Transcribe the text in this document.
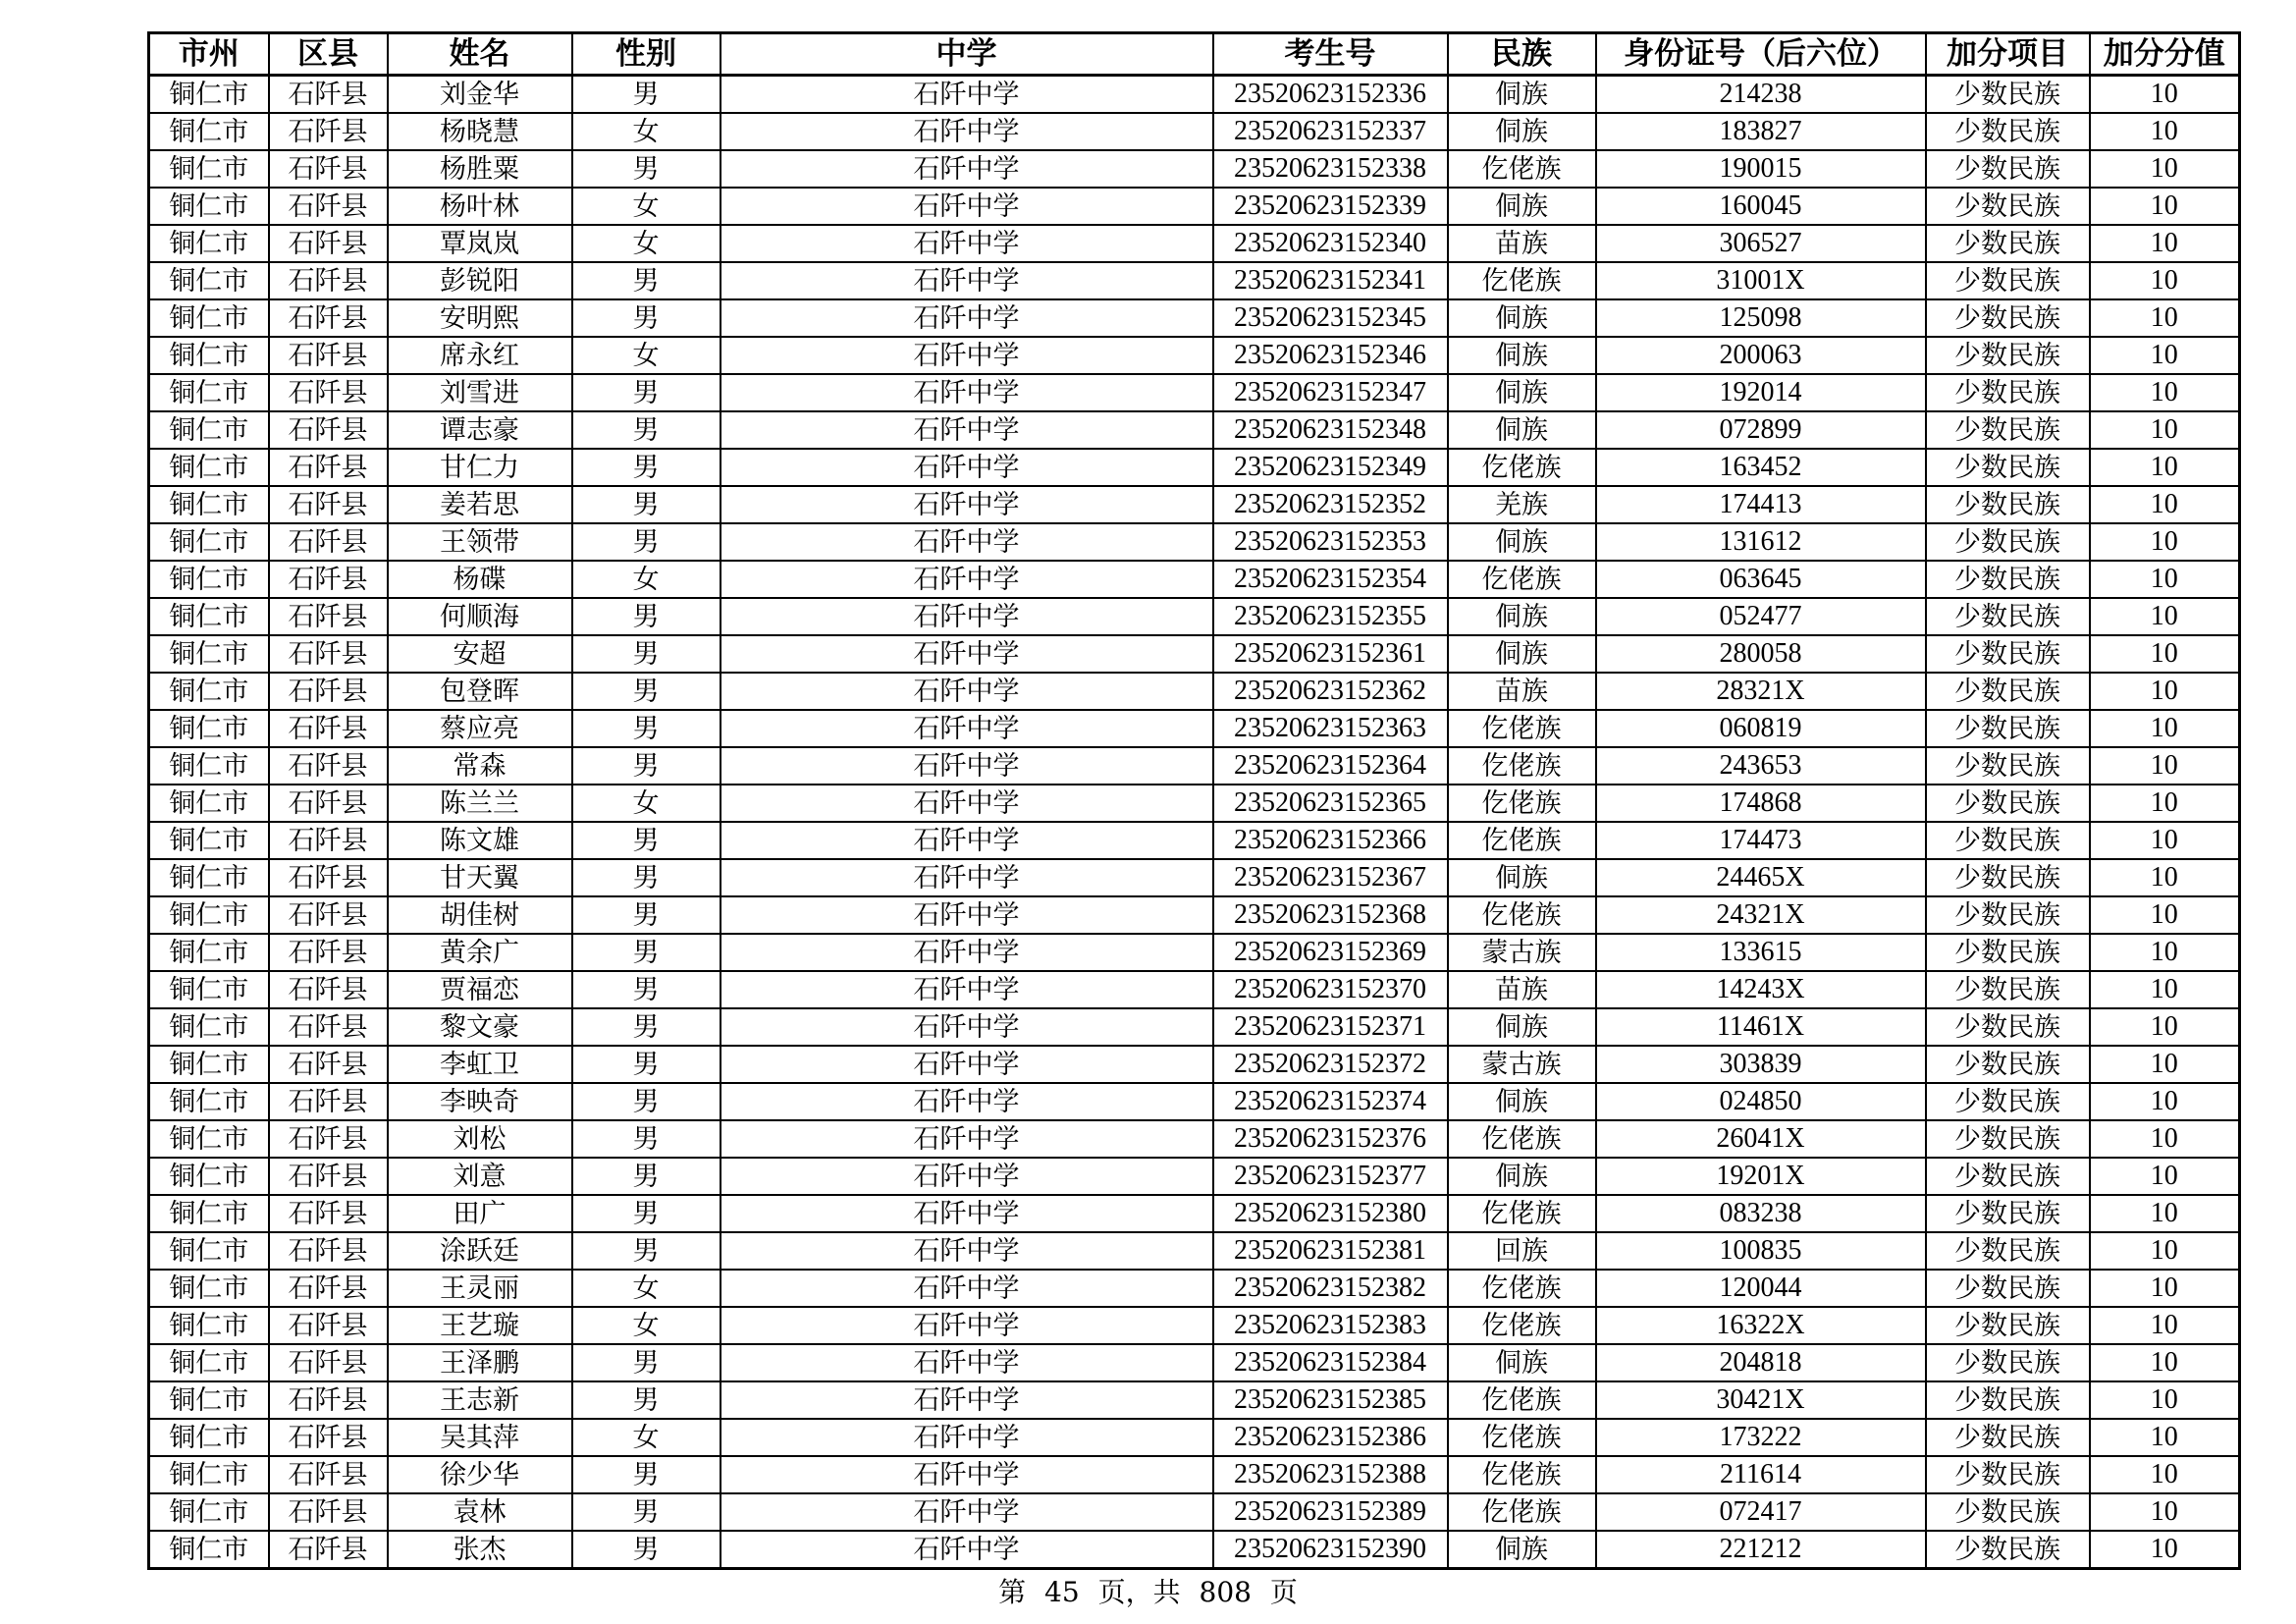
市州	区县	姓名	性别	中学	考生号	民族	身份证号（后六位）	加分项目	加分分值
铜仁市	石阡县	刘金华	男	石阡中学	23520623152336	侗族	214238	少数民族	10
铜仁市	石阡县	杨晓慧	女	石阡中学	23520623152337	侗族	183827	少数民族	10
铜仁市	石阡县	杨胜粟	男	石阡中学	23520623152338	仡佬族	190015	少数民族	10
铜仁市	石阡县	杨叶林	女	石阡中学	23520623152339	侗族	160045	少数民族	10
铜仁市	石阡县	覃岚岚	女	石阡中学	23520623152340	苗族	306527	少数民族	10
铜仁市	石阡县	彭锐阳	男	石阡中学	23520623152341	仡佬族	31001X	少数民族	10
铜仁市	石阡县	安明熙	男	石阡中学	23520623152345	侗族	125098	少数民族	10
铜仁市	石阡县	席永红	女	石阡中学	23520623152346	侗族	200063	少数民族	10
铜仁市	石阡县	刘雪进	男	石阡中学	23520623152347	侗族	192014	少数民族	10
铜仁市	石阡县	谭志豪	男	石阡中学	23520623152348	侗族	072899	少数民族	10
铜仁市	石阡县	甘仁力	男	石阡中学	23520623152349	仡佬族	163452	少数民族	10
铜仁市	石阡县	姜若思	男	石阡中学	23520623152352	羌族	174413	少数民族	10
铜仁市	石阡县	王领带	男	石阡中学	23520623152353	侗族	131612	少数民族	10
铜仁市	石阡县	杨碟	女	石阡中学	23520623152354	仡佬族	063645	少数民族	10
铜仁市	石阡县	何顺海	男	石阡中学	23520623152355	侗族	052477	少数民族	10
铜仁市	石阡县	安超	男	石阡中学	23520623152361	侗族	280058	少数民族	10
铜仁市	石阡县	包登晖	男	石阡中学	23520623152362	苗族	28321X	少数民族	10
铜仁市	石阡县	蔡应亮	男	石阡中学	23520623152363	仡佬族	060819	少数民族	10
铜仁市	石阡县	常森	男	石阡中学	23520623152364	仡佬族	243653	少数民族	10
铜仁市	石阡县	陈兰兰	女	石阡中学	23520623152365	仡佬族	174868	少数民族	10
铜仁市	石阡县	陈文雄	男	石阡中学	23520623152366	仡佬族	174473	少数民族	10
铜仁市	石阡县	甘天翼	男	石阡中学	23520623152367	侗族	24465X	少数民族	10
铜仁市	石阡县	胡佳树	男	石阡中学	23520623152368	仡佬族	24321X	少数民族	10
铜仁市	石阡县	黄余广	男	石阡中学	23520623152369	蒙古族	133615	少数民族	10
铜仁市	石阡县	贾福恋	男	石阡中学	23520623152370	苗族	14243X	少数民族	10
铜仁市	石阡县	黎文豪	男	石阡中学	23520623152371	侗族	11461X	少数民族	10
铜仁市	石阡县	李虹卫	男	石阡中学	23520623152372	蒙古族	303839	少数民族	10
铜仁市	石阡县	李映奇	男	石阡中学	23520623152374	侗族	024850	少数民族	10
铜仁市	石阡县	刘松	男	石阡中学	23520623152376	仡佬族	26041X	少数民族	10
铜仁市	石阡县	刘意	男	石阡中学	23520623152377	侗族	19201X	少数民族	10
铜仁市	石阡县	田广	男	石阡中学	23520623152380	仡佬族	083238	少数民族	10
铜仁市	石阡县	涂跃廷	男	石阡中学	23520623152381	回族	100835	少数民族	10
铜仁市	石阡县	王灵丽	女	石阡中学	23520623152382	仡佬族	120044	少数民族	10
铜仁市	石阡县	王艺璇	女	石阡中学	23520623152383	仡佬族	16322X	少数民族	10
铜仁市	石阡县	王泽鹏	男	石阡中学	23520623152384	侗族	204818	少数民族	10
铜仁市	石阡县	王志新	男	石阡中学	23520623152385	仡佬族	30421X	少数民族	10
铜仁市	石阡县	吴其萍	女	石阡中学	23520623152386	仡佬族	173222	少数民族	10
铜仁市	石阡县	徐少华	男	石阡中学	23520623152388	仡佬族	211614	少数民族	10
铜仁市	石阡县	袁林	男	石阡中学	23520623152389	仡佬族	072417	少数民族	10
铜仁市	石阡县	张杰	男	石阡中学	23520623152390	侗族	221212	少数民族	10
第 45 页，共 808 页
